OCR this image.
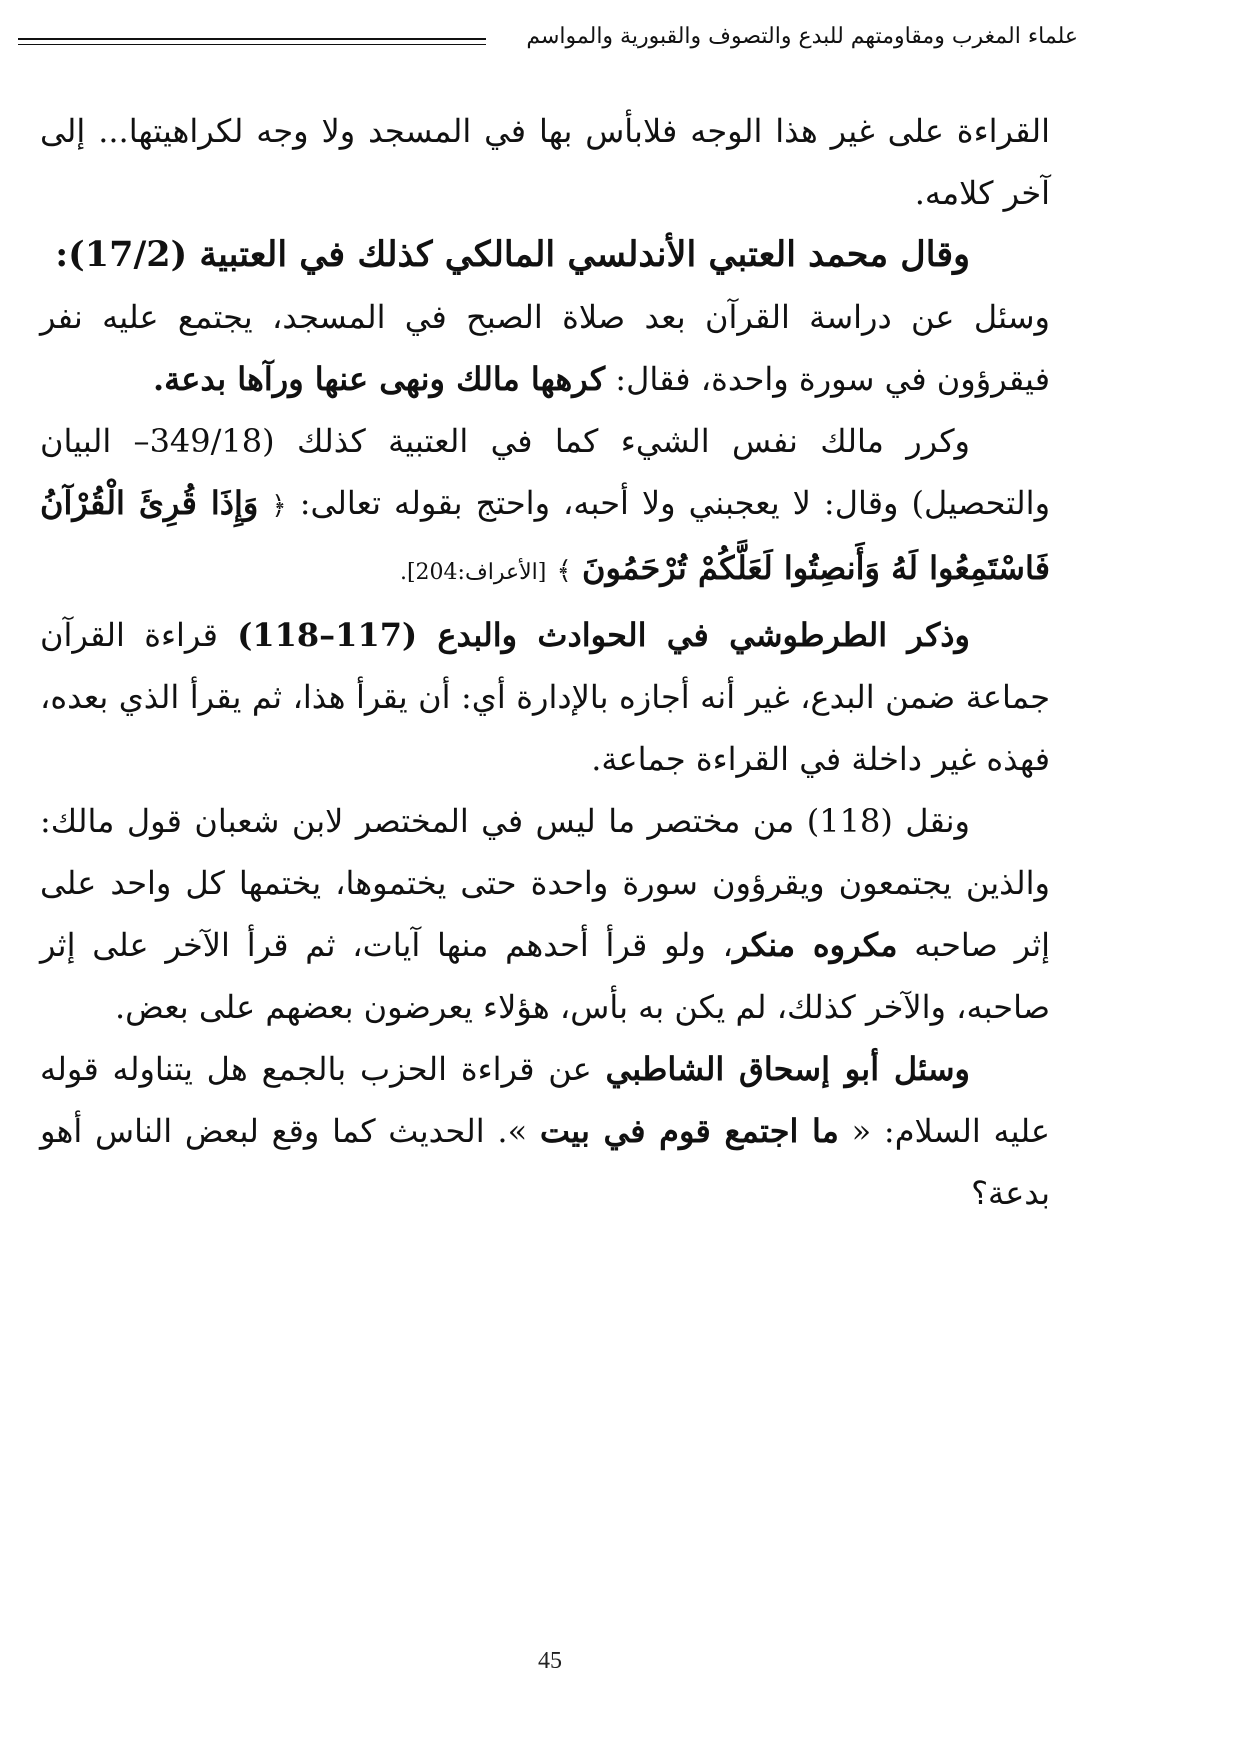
علماء المغرب ومقاومتهم للبدع والتصوف والقبورية والمواسم

القراءة على غير هذا الوجه فلابأس بها في المسجد ولا وجه لكراهيتها... إلى آخر كلامه.

وقال محمد العتبي الأندلسي المالكي كذلك في العتبية (17/2):

وسئل عن دراسة القرآن بعد صلاة الصبح في المسجد، يجتمع عليه نفر فيقرؤون في سورة واحدة، فقال: كرهها مالك ونهى عنها ورآها بدعة.

وكرر مالك نفس الشيء كما في العتبية كذلك (349/18– البيان والتحصيل) وقال: لا يعجبني ولا أحبه، واحتج بقوله تعالى: ﴿ وَإِذَا قُرِئَ الْقُرْآنُ فَاسْتَمِعُوا لَهُ وَأَنصِتُوا لَعَلَّكُمْ تُرْحَمُونَ ﴾ [الأعراف:204].

وذكر الطرطوشي في الحوادث والبدع (117–118) قراءة القرآن جماعة ضمن البدع، غير أنه أجازه بالإدارة أي: أن يقرأ هذا، ثم يقرأ الذي بعده، فهذه غير داخلة في القراءة جماعة.

ونقل (118) من مختصر ما ليس في المختصر لابن شعبان قول مالك: والذين يجتمعون ويقرؤون سورة واحدة حتى يختموها، يختمها كل واحد على إثر صاحبه مكروه منكر، ولو قرأ أحدهم منها آيات، ثم قرأ الآخر على إثر صاحبه، والآخر كذلك، لم يكن به بأس، هؤلاء يعرضون بعضهم على بعض.

وسئل أبو إسحاق الشاطبي عن قراءة الحزب بالجمع هل يتناوله قوله عليه السلام: « ما اجتمع قوم في بيت ». الحديث كما وقع لبعض الناس أهو بدعة؟

45
